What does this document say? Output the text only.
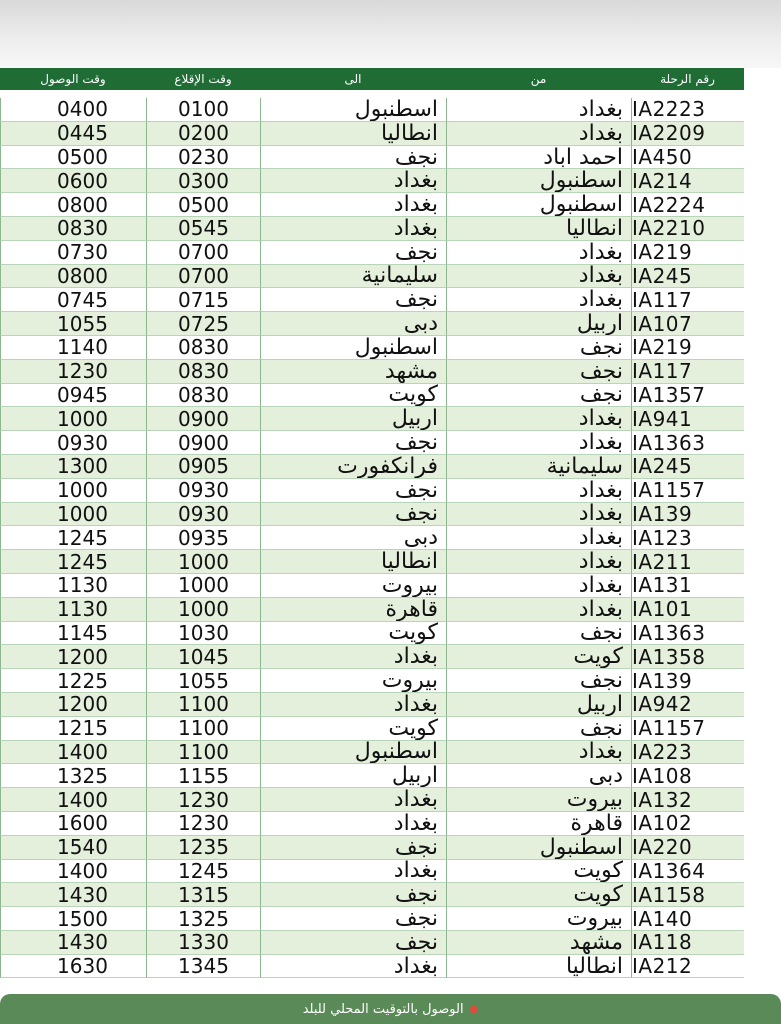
رقم الرحلة
من
الى
وقت الإقلاع
وقت الوصول
IA2223
بغداد
اسطنبول
0100
0400
IA2209
بغداد
انطاليا
0200
0445
IA450
احمد اباد
نجف
0230
0500
IA214
اسطنبول
بغداد
0300
0600
IA2224
اسطنبول
بغداد
0500
0800
IA2210
انطاليا
بغداد
0545
0830
IA219
بغداد
نجف
0700
0730
IA245
بغداد
سليمانية
0700
0800
IA117
بغداد
نجف
0715
0745
IA107
اربيل
دبى
0725
1055
IA219
نجف
اسطنبول
0830
1140
IA117
نجف
مشهد
0830
1230
IA1357
نجف
كويت
0830
0945
IA941
بغداد
اربيل
0900
1000
IA1363
بغداد
نجف
0900
0930
IA245
سليمانية
فرانكفورت
0905
1300
IA1157
بغداد
نجف
0930
1000
IA139
بغداد
نجف
0930
1000
IA123
بغداد
دبى
0935
1245
IA211
بغداد
انطاليا
1000
1245
IA131
بغداد
بيروت
1000
1130
IA101
بغداد
قاهرة
1000
1130
IA1363
نجف
كويت
1030
1145
IA1358
كويت
بغداد
1045
1200
IA139
نجف
بيروت
1055
1225
IA942
اربيل
بغداد
1100
1200
IA1157
نجف
كويت
1100
1215
IA223
بغداد
اسطنبول
1100
1400
IA108
دبى
اربيل
1155
1325
IA132
بيروت
بغداد
1230
1400
IA102
قاهرة
بغداد
1230
1600
IA220
اسطنبول
نجف
1235
1540
IA1364
كويت
بغداد
1245
1400
IA1158
كويت
نجف
1315
1430
IA140
بيروت
نجف
1325
1500
IA118
مشهد
نجف
1330
1430
IA212
انطاليا
بغداد
1345
1630
●
الوصول بالتوقيت المحلي للبلد
